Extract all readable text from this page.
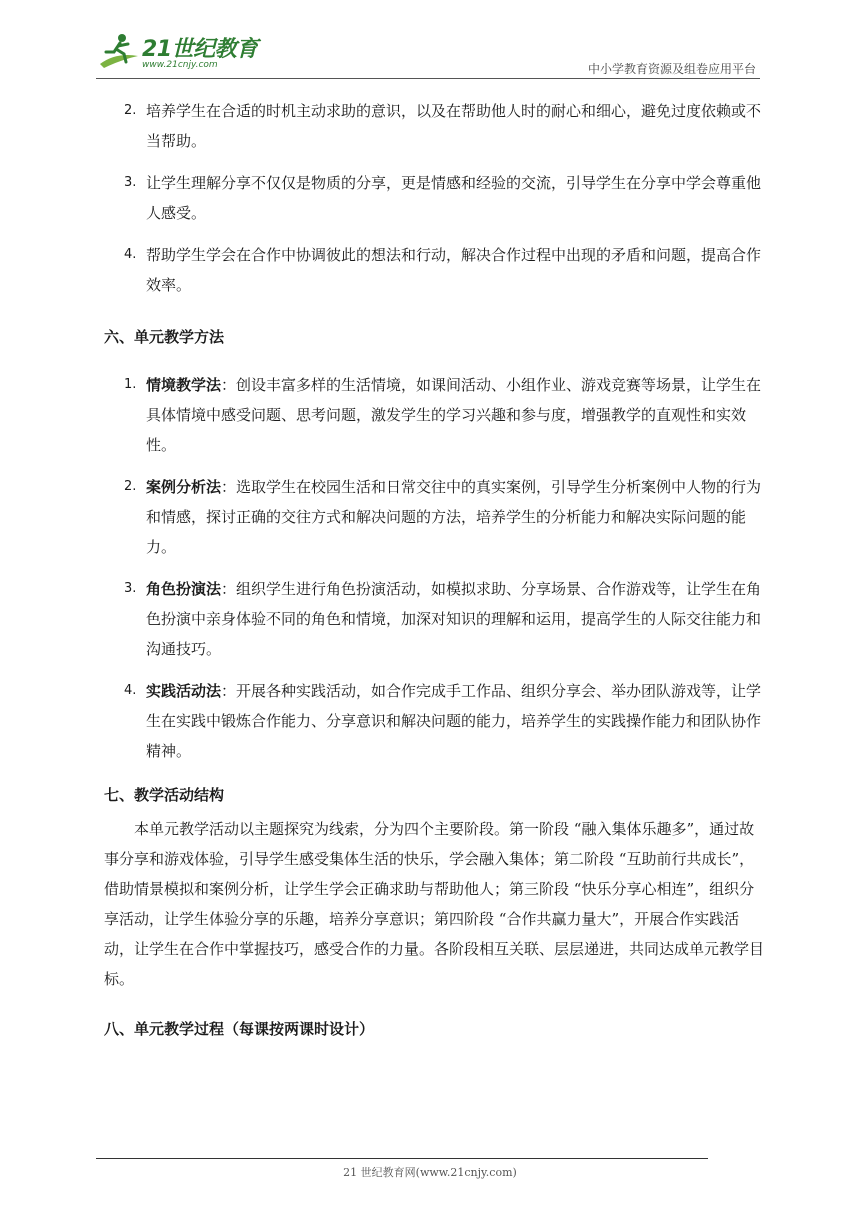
21世纪教育
www.21cnjy.com	中小学教育资源及组卷应用平台
2. 培养学生在合适的时机主动求助的意识，以及在帮助他人时的耐心和细心，避免过度依赖或不当帮助。
3. 让学生理解分享不仅仅是物质的分享，更是情感和经验的交流，引导学生在分享中学会尊重他人感受。
4. 帮助学生学会在合作中协调彼此的想法和行动，解决合作过程中出现的矛盾和问题，提高合作效率。
六、单元教学方法
1. 情境教学法：创设丰富多样的生活情境，如课间活动、小组作业、游戏竞赛等场景，让学生在具体情境中感受问题、思考问题，激发学生的学习兴趣和参与度，增强教学的直观性和实效性。
2. 案例分析法：选取学生在校园生活和日常交往中的真实案例，引导学生分析案例中人物的行为和情感，探讨正确的交往方式和解决问题的方法，培养学生的分析能力和解决实际问题的能力。
3. 角色扮演法：组织学生进行角色扮演活动，如模拟求助、分享场景、合作游戏等，让学生在角色扮演中亲身体验不同的角色和情境，加深对知识的理解和运用，提高学生的人际交往能力和沟通技巧。
4. 实践活动法：开展各种实践活动，如合作完成手工作品、组织分享会、举办团队游戏等，让学生在实践中锻炼合作能力、分享意识和解决问题的能力，培养学生的实践操作能力和团队协作精神。
七、教学活动结构

本单元教学活动以主题探究为线索，分为四个主要阶段。第一阶段 “融入集体乐趣多”，通过故事分享和游戏体验，引导学生感受集体生活的快乐，学会融入集体；第二阶段 “互助前行共成长”，借助情景模拟和案例分析，让学生学会正确求助与帮助他人；第三阶段 “快乐分享心相连”，组织分享活动，让学生体验分享的乐趣，培养分享意识；第四阶段 “合作共赢力量大”，开展合作实践活动，让学生在合作中掌握技巧，感受合作的力量。各阶段相互关联、层层递进，共同达成单元教学目标。

八、单元教学过程（每课按两课时设计）
21 世纪教育网(www.21cnjy.com)
